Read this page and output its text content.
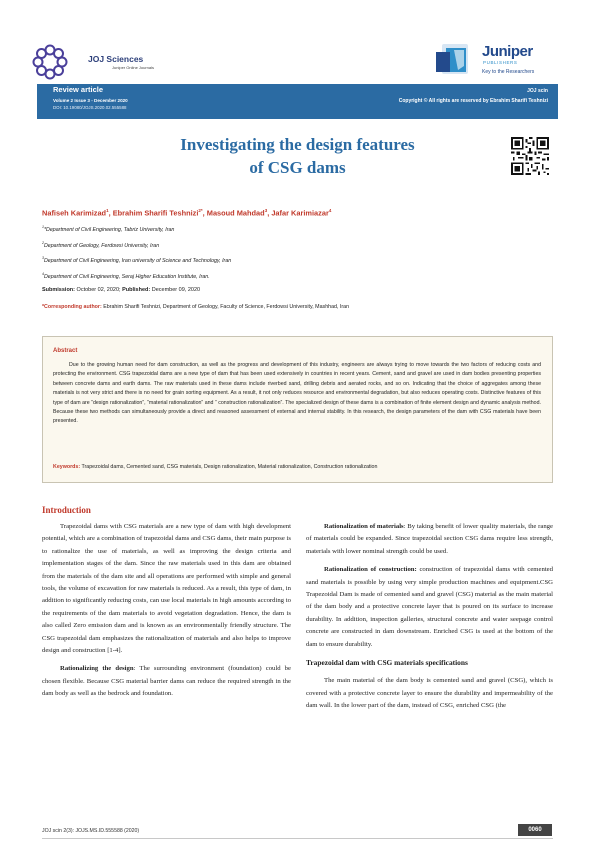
JOJ Sciences
Juniper Online Journals
Juniper
PUBLISHERS
Key to the Researchers
Review article
Volume 2 Issue 3 - December 2020
DOI: 10.19080/JOJS.2020.02.555588
JOJ scin
Copyright © All rights are reserved by Ebrahim Sharifi Teshnizi
Investigating the design features
of CSG dams
Nafiseh Karimizad$^1$, Ebrahim Sharifi Teshnizi$^{2*}$, Masoud Mahdad$^3$, Jafar Karimiazar$^4$
$^1$*Department of Civil Engineering, Tabriz University, Iran
$^2$Department of Geology, Ferdowsi University, Iran
$^3$Department of Civil Engineering, Iran university of Science and Technology, Iran
$^4$Department of Civil Engineering, Seraj Higher Education Institute, Iran.
Submission: October 02, 2020; Published: December 09, 2020
*Corresponding author: Ebrahim Sharifi Teshnizi, Department of Geology, Faculty of Science, Ferdowsi University, Mashhad, Iran
Abstract
Due to the growing human need for dam construction, as well as the progress and development of this industry, engineers are always trying to move towards the two factors of reducing costs and protecting the environment. CSG trapezoidal dams are a new type of dam that has been used extensively in countries in recent years. Cement, sand and gravel are used in dam bodies presenting properties between concrete dams and earth dams. The raw materials used in these dams include riverbed sand, drilling debris and aerated rocks, and so on. Indicating that the choice of aggregates among these materials is not very strict and there is no need for grain sorting equipment. As a result, it not only reduces resource and environmental degradation, but also reduces operating costs. Distinctive features of this type of dam are “design rationalization”, “material rationalization” and “ construction rationalization”. The specialized design of these dams is a combination of finite element design and dynamic analysis method. Because these two methods can simultaneously provide a direct and reasoned assessment of external and internal stability. In this research, the design parameters of the dam with CSG materials have been presented.
Keywords: Trapezoidal dams, Cemented sand, CSG materials, Design rationalization, Material rationalization, Construction rationalization
Introduction

Trapezoidal dams with CSG materials are a new type of dam with high development potential, which are a combination of trapezoidal dams and CSG dams, their main purpose is to rationalize the use of materials, as well as improving the design criteria and implementation stages of the dam. Since the raw materials used in this dam are obtained from the materials of the dam site and all operations are performed with simple and general tools, the volume of excavation for raw materials is reduced. As a result, this type of dam, in addition to significantly reducing costs, can use local materials in high amounts according to the requirements of the dam materials to avoid vegetation degradation. Hence, the dam is also called Zero emission dam and is known as an environmentally friendly structure. The CSG trapezoidal dam emphasizes the rationalization of materials and also helps to improve design and construction [1-4].

Rationalizing the design: The surrounding environment (foundation) could be chosen flexible. Because CSG material barrier dams can reduce the required strength in the dam body as well as the bedrock and foundation.

Rationalization of materials: By taking benefit of lower quality materials, the range of materials could be expanded. Since trapezoidal section CSG dams require less strength, materials with lower nominal strength could be used.

Rationalization of construction: construction of trapezoidal dams with cemented sand materials is possible by using very simple production machines and equipment.CSG Trapezoidal Dam is made of cemented sand and gravel (CSG) material as the main material of the dam body and a protective concrete layer that is poured on its surface to increase durability. In addition, inspection galleries, structural concrete and water seepage control concrete are constructed in dam downstream. Enriched CSG is used at the bottom of the dam to ensure durability.

Trapezoidal dam with CSG materials specifications

The main material of the dam body is cemented sand and gravel (CSG), which is covered with a protective concrete layer to ensure the durability and impermeability of the dam wall. In the lower part of the dam, instead of CSG, enriched CSG (the

JOJ scin 2(3): JOJS.MS.ID.555588 (2020)	0060
